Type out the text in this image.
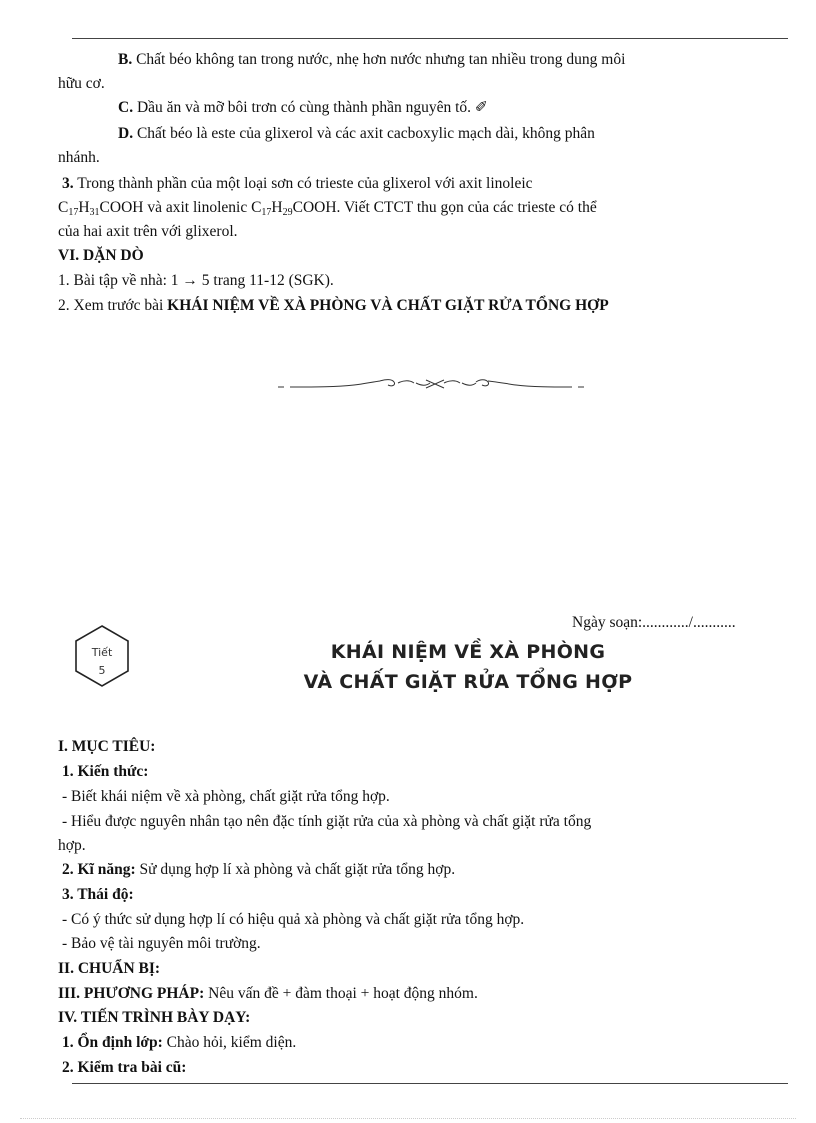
B. Chất béo không tan trong nước, nhẹ hơn nước nhưng tan nhiều trong dung môi
hữu cơ.
C. Dầu ăn và mỡ bôi trơn có cùng thành phần nguyên tố. ✐
D. Chất béo là este của glixerol và các axit cacboxylic mạch dài, không phân
nhánh.
3. Trong thành phần của một loại sơn có trieste của glixerol với axit linoleic
$C_{17}H_{31}COOH$ và axit linolenic $C_{17}H_{29}COOH$. Viết CTCT thu gọn của các trieste có thể
của hai axit trên với glixerol.
VI. DẶN DÒ
1. Bài tập về nhà: 1 → 5 trang 11-12 (SGK).
2. Xem trước bài KHÁI NIỆM VỀ XÀ PHÒNG VÀ CHẤT GIẶT RỬA TỔNG HỢP
Ngày soạn:............/...........
Tiết
5
KHÁI NIỆM VỀ XÀ PHÒNG
VÀ CHẤT GIẶT RỬA TỔNG HỢP
I. MỤC TIÊU:
1. Kiến thức:
- Biết khái niệm về xà phòng, chất giặt rửa tổng hợp.
- Hiểu được nguyên nhân tạo nên đặc tính giặt rửa của xà phòng và chất giặt rửa tổng
hợp.
2. Kĩ năng: Sử dụng hợp lí xà phòng và chất giặt rửa tổng hợp.
3. Thái độ:
- Có ý thức sử dụng hợp lí có hiệu quả xà phòng và chất giặt rửa tổng hợp.
- Bảo vệ tài nguyên môi trường.
II. CHUẨN BỊ:
III. PHƯƠNG PHÁP: Nêu vấn đề + đàm thoại + hoạt động nhóm.
IV. TIẾN TRÌNH BÀY DẠY:
1. Ổn định lớp: Chào hỏi, kiểm diện.
2. Kiểm tra bài cũ:
